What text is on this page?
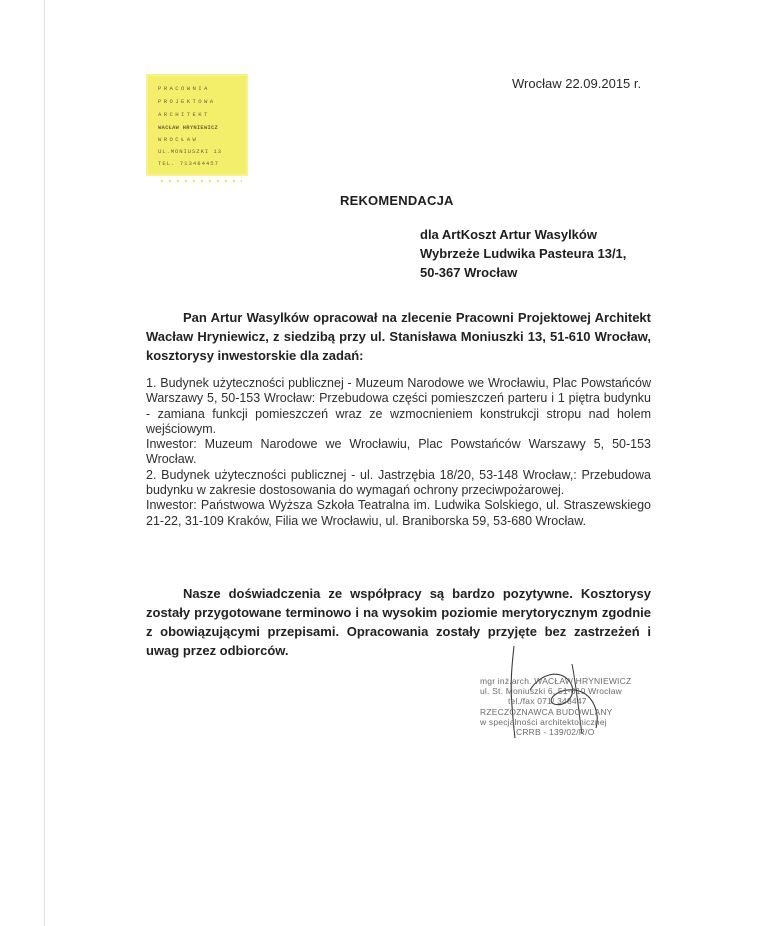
PRACOWNIA
PROJEKTOWA
ARCHITEKT
WACŁAW HRYNIEWICZ
WROCŁAW
UL.MONIUSZKI 13
TEL. 713484457
Wrocław 22.09.2015 r.
REKOMENDACJA
dla ArtKoszt Artur Wasylków
Wybrzeże Ludwika Pasteura 13/1,
50-367 Wrocław
Pan Artur Wasylków opracował na zlecenie Pracowni Projektowej Architekt Wacław Hryniewicz, z siedzibą przy ul. Stanisława Moniuszki 13, 51-610 Wrocław, kosztorysy inwestorskie dla zadań:

1. Budynek użyteczności publicznej - Muzeum Narodowe we Wrocławiu, Plac Powstańców Warszawy 5, 50-153 Wrocław: Przebudowa części pomieszczeń parteru i 1 piętra budynku - zamiana funkcji pomieszczeń wraz ze wzmocnieniem konstrukcji stropu nad holem wejściowym.

Inwestor: Muzeum Narodowe we Wrocławiu, Plac Powstańców Warszawy 5, 50-153 Wrocław.

2. Budynek użyteczności publicznej - ul. Jastrzębia 18/20, 53-148 Wrocław,: Przebudowa budynku w zakresie dostosowania do wymagań ochrony przeciwpożarowej.

Inwestor: Państwowa Wyższa Szkoła Teatralna im. Ludwika Solskiego, ul. Straszewskiego 21-22, 31-109 Kraków, Filia we Wrocławiu, ul. Braniborska 59, 53-680 Wrocław.

Nasze doświadczenia ze współpracy są bardzo pozytywne. Kosztorysy zostały przygotowane terminowo i na wysokim poziomie merytorycznym zgodnie z obowiązującymi przepisami. Opracowania zostały przyjęte bez zastrzeżeń i uwag przez odbiorców.
mgr inż.arch. WACŁAW HRYNIEWICZ
ul. St. Moniuszki 6, 51-610 Wrocław
tel./fax 071/ 348447
RZECZOZNAWCA BUDOWLANY
w specjalności architektonicznej
CRRB - 139/02/R/O
